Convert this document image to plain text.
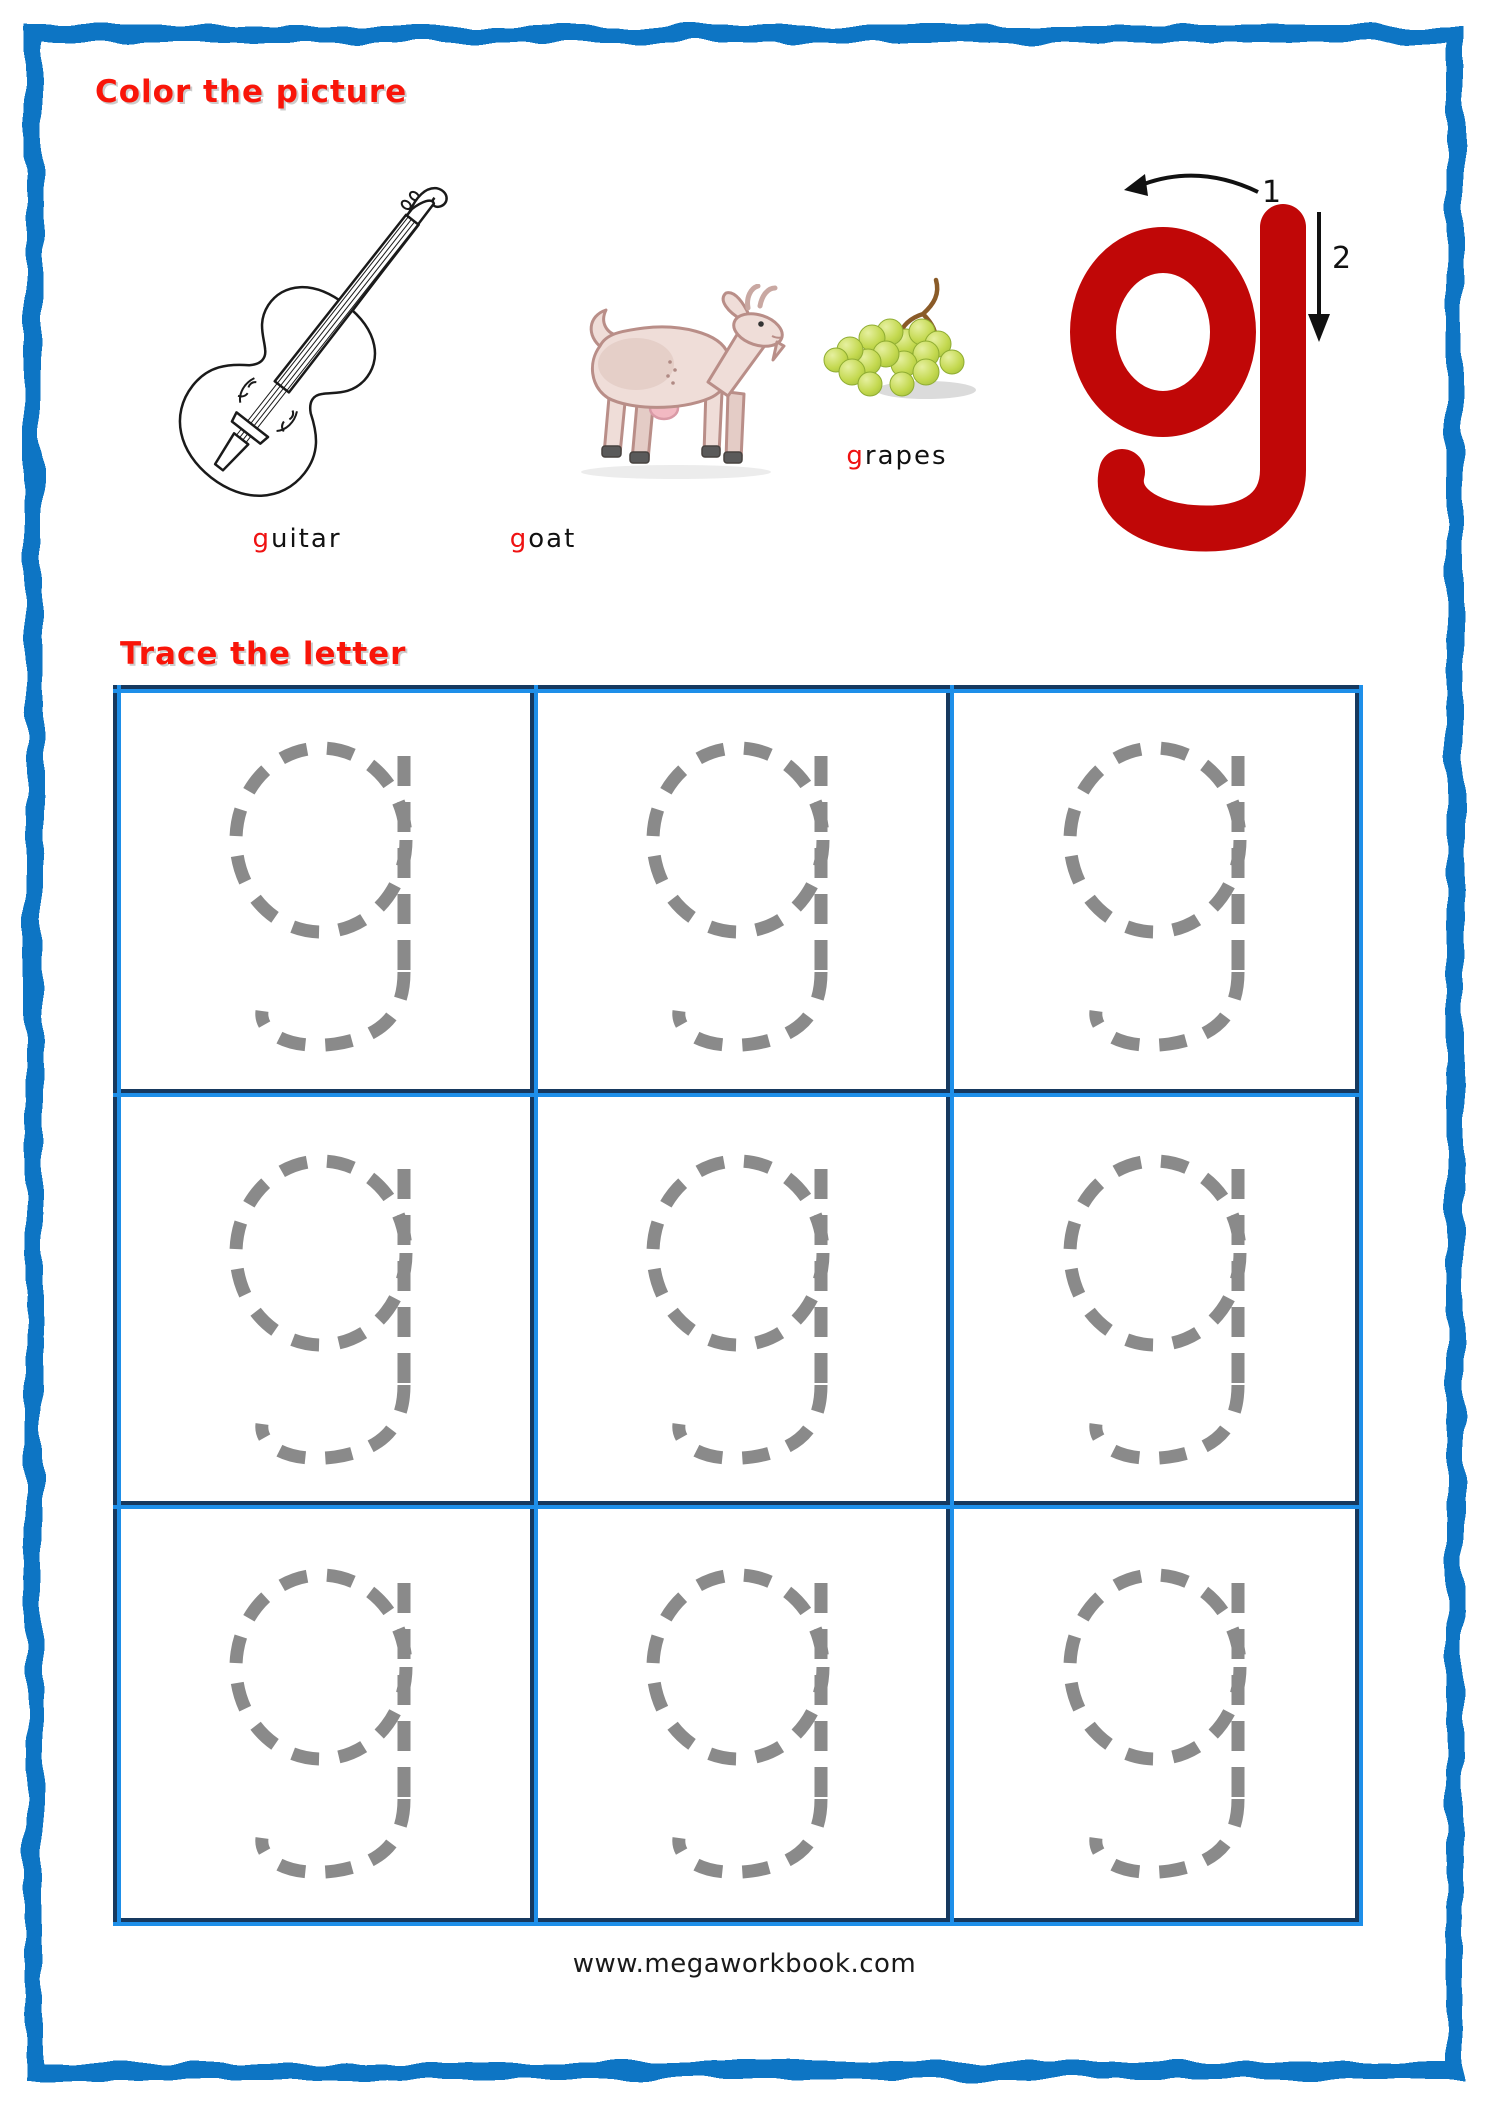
Color the picture
Trace the letter
guitar	goat
grapes
1
2
www.megaworkbook.com
